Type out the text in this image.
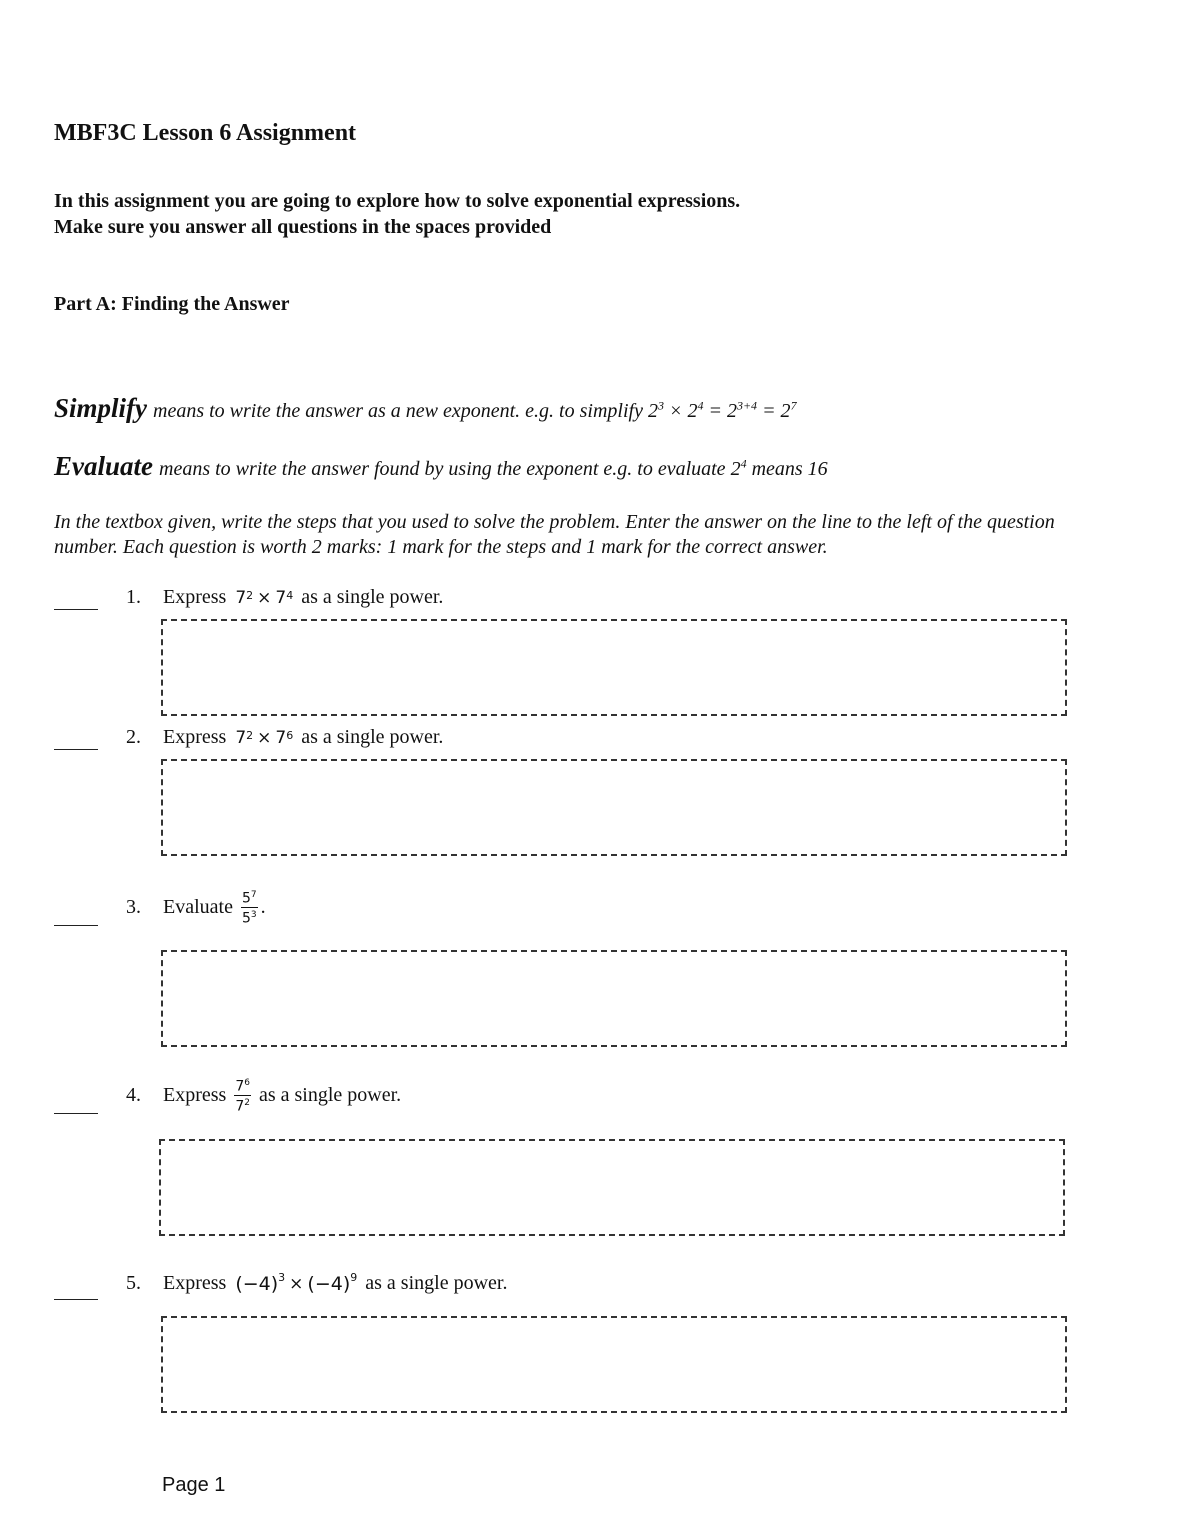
MBF3C Lesson 6 Assignment
In this assignment you are going to explore how to solve exponential expressions.
Make sure you answer all questions in the spaces provided
Part A: Finding the Answer
Simplify means to write the answer as a new exponent. e.g. to simplify $2^3 \times 2^4 = 2^{3+4} = 2^7$
Evaluate means to write the answer found by using the exponent e.g. to evaluate $2^4$ means 16
In the textbox given, write the steps that you used to solve the problem. Enter the answer on the line to the left of the question number. Each question is worth 2 marks: 1 mark for the steps and 1 mark for the correct answer.
1.	Express $7^2 \times 7^4$ as a single power.
2.	Express $7^2 \times 7^6$ as a single power.
3.	Evaluate $\frac{5^7}{5^3}$ .
4.	Express $\frac{7^6}{7^2}$ as a single power.
5.	Express $(-4)^3 \times (-4)^9$ as a single power.
Page 1
